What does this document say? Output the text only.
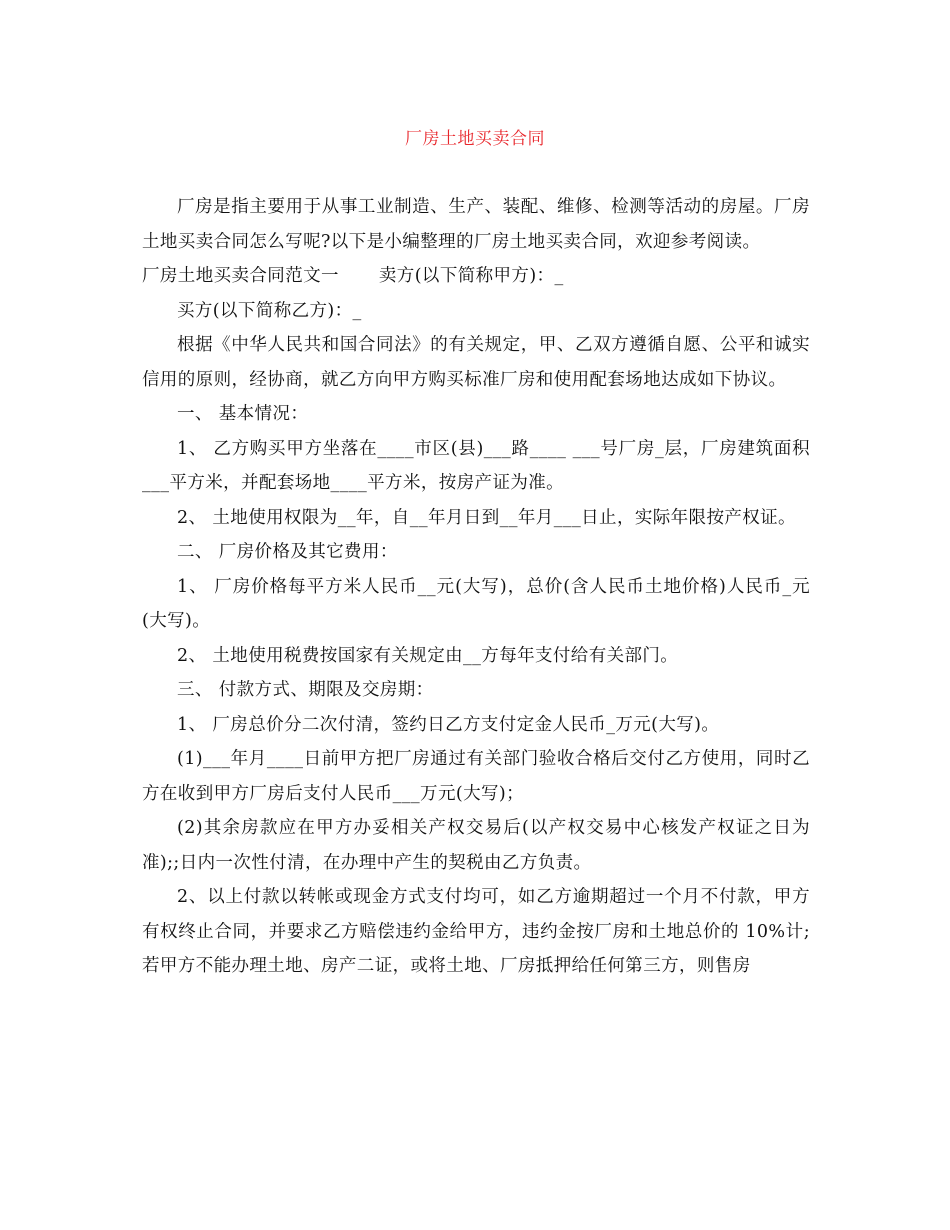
厂房土地买卖合同

厂房是指主要用于从事工业制造、生产、装配、维修、检测等活动的房屋。厂房土地买卖合同怎么写呢?以下是小编整理的厂房土地买卖合同，欢迎参考阅读。

厂房土地买卖合同范文一 卖方(以下简称甲方)：_

买方(以下简称乙方)：_

根据《中华人民共和国合同法》的有关规定，甲、乙双方遵循自愿、公平和诚实信用的原则，经协商，就乙方向甲方购买标准厂房和使用配套场地达成如下协议。

一、 基本情况：

1、 乙方购买甲方坐落在____市区(县)___路____ ___号厂房_层，厂房建筑面积___平方米，并配套场地____平方米，按房产证为准。

2、 土地使用权限为__年，自__年月日到__年月___日止，实际年限按产权证。

二、 厂房价格及其它费用：

1、 厂房价格每平方米人民币__元(大写)，总价(含人民币土地价格)人民币_元(大写)。

2、 土地使用税费按国家有关规定由__方每年支付给有关部门。

三、 付款方式、期限及交房期：

1、 厂房总价分二次付清，签约日乙方支付定金人民币_万元(大写)。

(1)___年月____日前甲方把厂房通过有关部门验收合格后交付乙方使用，同时乙方在收到甲方厂房后支付人民币___万元(大写)；

(2)其余房款应在甲方办妥相关产权交易后(以产权交易中心核发产权证之日为准);;日内一次性付清，在办理中产生的契税由乙方负责。

2、以上付款以转帐或现金方式支付均可，如乙方逾期超过一个月不付款，甲方有权终止合同，并要求乙方赔偿违约金给甲方，违约金按厂房和土地总价的 10%计;若甲方不能办理土地、房产二证，或将土地、厂房抵押给任何第三方，则售房
